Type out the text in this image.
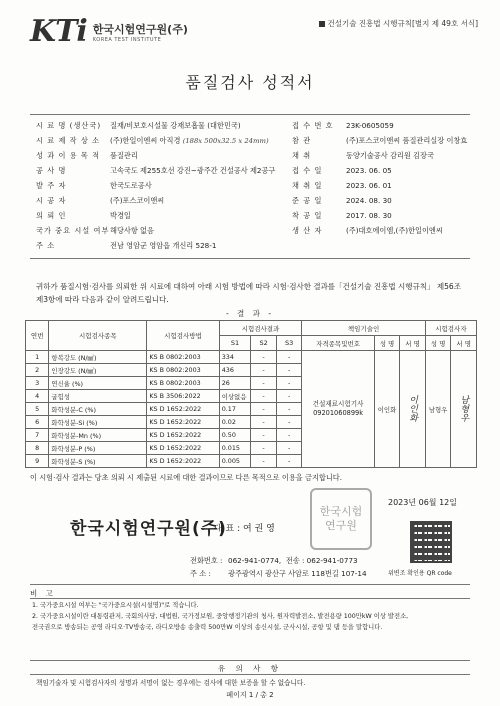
KTi 한국시험연구원(주)
KOREA TEST INSTITUTE
건설기술 진흥법 시행규칙[별지 제 49호 서식]
품질검사 성적서
시 료 명 (생산국)	질재/비보호시설물 강재보흡물 (대한민국)	접 수 번 호 23K-0605059
시 료 제 작 상 소	(주)한일이엔씨 아직경 (188x 500x32.5 x 24mm)	참 관	(주)포스코이앤씨 품질관리실장 이창효
성 과 이 용 목 적	품질관리	채 취	동양기술공사 감리원 김장국
공 사 명	고속국도 제255호선 강진~광주간 건설공사 제2공구 접 수 일	2023. 06. 05
발 주 자	한국도로공사	채 취 일	2023. 06. 01
시 공 자	(주)포스코이앤씨	준 공 일	2024. 08. 30
의 뢰 인	박경일	착 공 일	2017. 08. 30
국가 중요 시설 여부 해당사항 없음	생 산 자	(주)대호에이엠,(주)한일이엔씨
주 소	전남 영암군 영암읍 개신리 528-1
귀하가 품질시험·검사를 의뢰한 위 시료에 대하여 아래 시험 방법에 따라 시험·검사한 결과를「건설기술 진흥법 시행규칙」 제56조 제3항에 따라 다음과 같이 알려드립니다.
- 결 과 -
연번	시험검사종목	시험검사방법	시험검사결과			책임기술인			시험검사자	
			S1	S2	S3	자격종목및번호	성 명	서 명	성 명	서 명
1	항복강도 (N/㎟)	KS B 0802:2003	334	-	-	건설재료시험기사 09201060899k	이인화	이인화	남형우	남형우
2	인장강도 (N/㎟)	KS B 0802:2003	436	-	-					
3	연신율 (%)	KS B 0802:2003	26	-	-					
4	굽힘성	KS B 3506:2022	이상없음	-	-					
5	화학성분-C (%)	KS D 1652:2022	0.17	-	-					
6	화학성분-Si (%)	KS D 1652:2022	0.02	-	-					
7	화학성분-Mn (%)	KS D 1652:2022	0.50	-	-					
8	화학성분-P (%)	KS D 1652:2022	0.015	-	-					
9	화학성분-S (%)	KS D 1652:2022	0.005	-	-					
이 시험·검사 결과는 당초 의뢰 시 제출된 시료에 대한 결과이므로 다른 목적으로 이용을 금지합니다.
한국시험연구원
2023년 06월 12일
한국시험연구원(주)
대 표 : 여 권 영
위변조 확인용 QR code
전화번호 : 062-941-0774, 전송 : 062-941-0773
주 소 : 광주광역시 광산구 사암로 118번길 107-14
비 고
1. 국가중요시설 여부는 "국가중요시설(시설명)"로 적습니다.
2. 국가중요시설이란 대통령관저, 국회의사당, 대법원, 국가정보원, 중앙행정기관의 청사, 원자력발전소, 발전용량 100만kW 이상 발전소,
전국권으로 방송되는 공영 라디오·TV방송국, 라디오방송 송출력 500만W 이상의 송신시설, 군사시설, 공항 및 댐 등을 말합니다.
유 의 사 항
책임기술자 및 시험검사자의 성명과 서명이 없는 경우에는 검사에 대한 보증을 할 수 없습니다.
페이지 1 / 총 2
